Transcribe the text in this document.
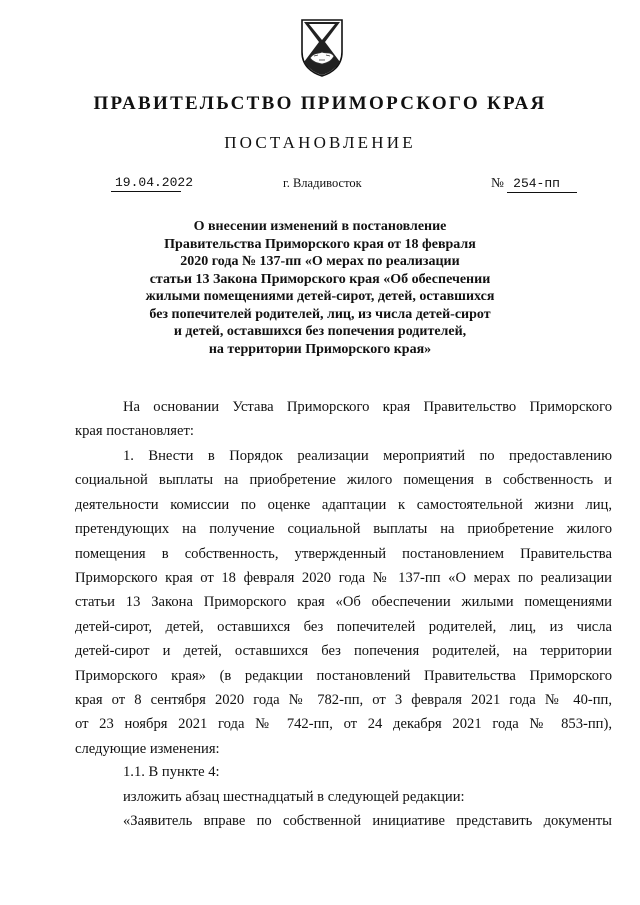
ПРАВИТЕЛЬСТВО ПРИМОРСКОГО КРАЯ
ПОСТАНОВЛЕНИЕ
19.04.2022	г. Владивосток	№ 254-пп
О внесении изменений в постановление
Правительства Приморского края от 18 февраля
2020 года № 137-пп «О мерах по реализации
статьи 13 Закона Приморского края «Об обеспечении
жилыми помещениями детей-сирот, детей, оставшихся
без попечителей родителей, лиц, из числа детей-сирот
и детей, оставшихся без попечения родителей,
на территории Приморского края»
На основании Устава Приморского края Правительство Приморского
края постановляет:
1. Внести в Порядок реализации мероприятий по предоставлению
социальной выплаты на приобретение жилого помещения в собственность и
деятельности комиссии по оценке адаптации к самостоятельной жизни лиц,
претендующих на получение социальной выплаты на приобретение жилого
помещения в собственность, утвержденный постановлением Правительства
Приморского края от 18 февраля 2020 года № 137-пп «О мерах по реализации
статьи 13 Закона Приморского края «Об обеспечении жилыми помещениями
детей-сирот, детей, оставшихся без попечителей родителей, лиц, из числа
детей-сирот и детей, оставшихся без попечения родителей, на территории
Приморского края» (в редакции постановлений Правительства Приморского
края от 8 сентября 2020 года № 782-пп, от 3 февраля 2021 года № 40-пп,
от 23 ноября 2021 года № 742-пп, от 24 декабря 2021 года № 853-пп),
следующие изменения:
1.1. В пункте 4:
изложить абзац шестнадцатый в следующей редакции:
«Заявитель вправе по собственной инициативе представить документы
